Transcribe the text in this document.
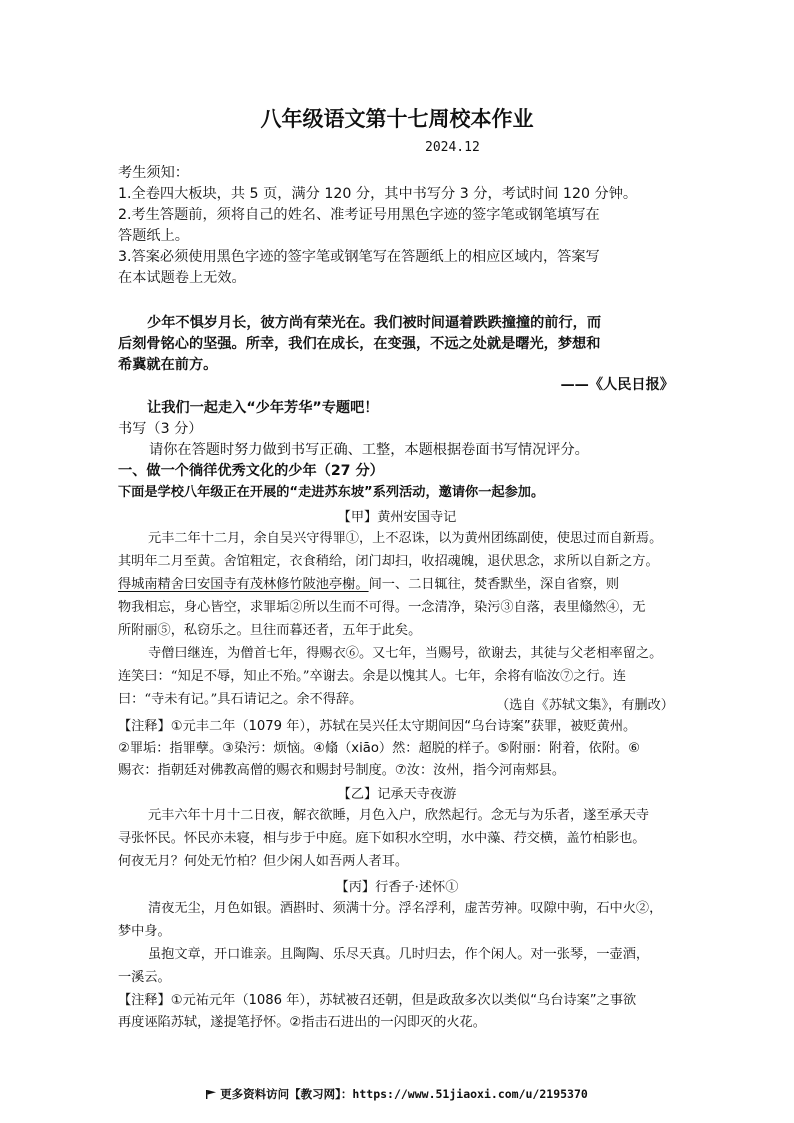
八年级语文第十七周校本作业
2024.12
考生须知：
1.全卷四大板块，共 5 页，满分 120 分，其中书写分 3 分，考试时间 120 分钟。
2.考生答题前，须将自己的姓名、准考证号用黑色字迹的签字笔或钢笔填写在
答题纸上。
3.答案必须使用黑色字迹的签字笔或钢笔写在答题纸上的相应区域内，答案写
在本试题卷上无效。
少年不惧岁月长，彼方尚有荣光在。我们被时间逼着跌跌撞撞的前行，而
后刻骨铭心的坚强。所幸，我们在成长，在变强，不远之处就是曙光，梦想和
希冀就在前方。
——《人民日报》
让我们一起走入“少年芳华”专题吧！
书写（3 分）
请你在答题时努力做到书写正确、工整，本题根据卷面书写情况评分。
一、做一个徜徉优秀文化的少年（27 分）
下面是学校八年级正在开展的“走进苏东坡”系列活动，邀请你一起参加。
【甲】黄州安国寺记
元丰二年十二月，余自吴兴守得罪①，上不忍诛，以为黄州团练副使，使思过而自新焉。
其明年二月至黄。舍馆粗定，衣食稍给，闭门却扫，收招魂魄，退伏思念，求所以自新之方。
得城南精舍曰安国寺有茂林修竹陂池亭榭。间一、二日辄往，焚香默坐，深自省察，则
物我相忘，身心皆空，求罪垢②所以生而不可得。一念清净，染污③自落，表里翛然④，无
所附丽⑤，私窃乐之。旦往而暮还者，五年于此矣。
寺僧曰继连，为僧首七年，得赐衣⑥。又七年，当赐号，欲谢去，其徒与父老相率留之。
连笑曰：“知足不辱，知止不殆。”卒谢去。余是以愧其人。七年，余将有临汝⑦之行。连
曰：“寺未有记。”具石请记之。余不得辞。	（选自《苏轼文集》，有删改）
【注释】①元丰二年（1079 年），苏轼在吴兴任太守期间因“乌台诗案”获罪，被贬黄州。
②罪垢：指罪孽。③染污：烦恼。④翛（xiāo）然：超脱的样子。⑤附丽：附着，依附。⑥
赐衣：指朝廷对佛教高僧的赐衣和赐封号制度。⑦汝：汝州，指今河南郏县。
【乙】记承天寺夜游
元丰六年十月十二日夜，解衣欲睡，月色入户，欣然起行。念无与为乐者，遂至承天寺
寻张怀民。怀民亦未寝，相与步于中庭。庭下如积水空明，水中藻、荇交横，盖竹柏影也。
何夜无月？何处无竹柏？但少闲人如吾两人者耳。
【丙】行香子·述怀①
清夜无尘，月色如银。酒斟时、须满十分。浮名浮利，虚苦劳神。叹隙中驹，石中火②，
梦中身。
虽抱文章，开口谁亲。且陶陶、乐尽天真。几时归去，作个闲人。对一张琴，一壶酒，
一溪云。
【注释】①元祐元年（1086 年），苏轼被召还朝，但是政敌多次以类似“乌台诗案”之事欲
再度诬陷苏轼，遂提笔抒怀。②指击石进出的一闪即灭的火花。
更多资料访问【教习网】：https://www.51jiaoxi.com/u/2195370
